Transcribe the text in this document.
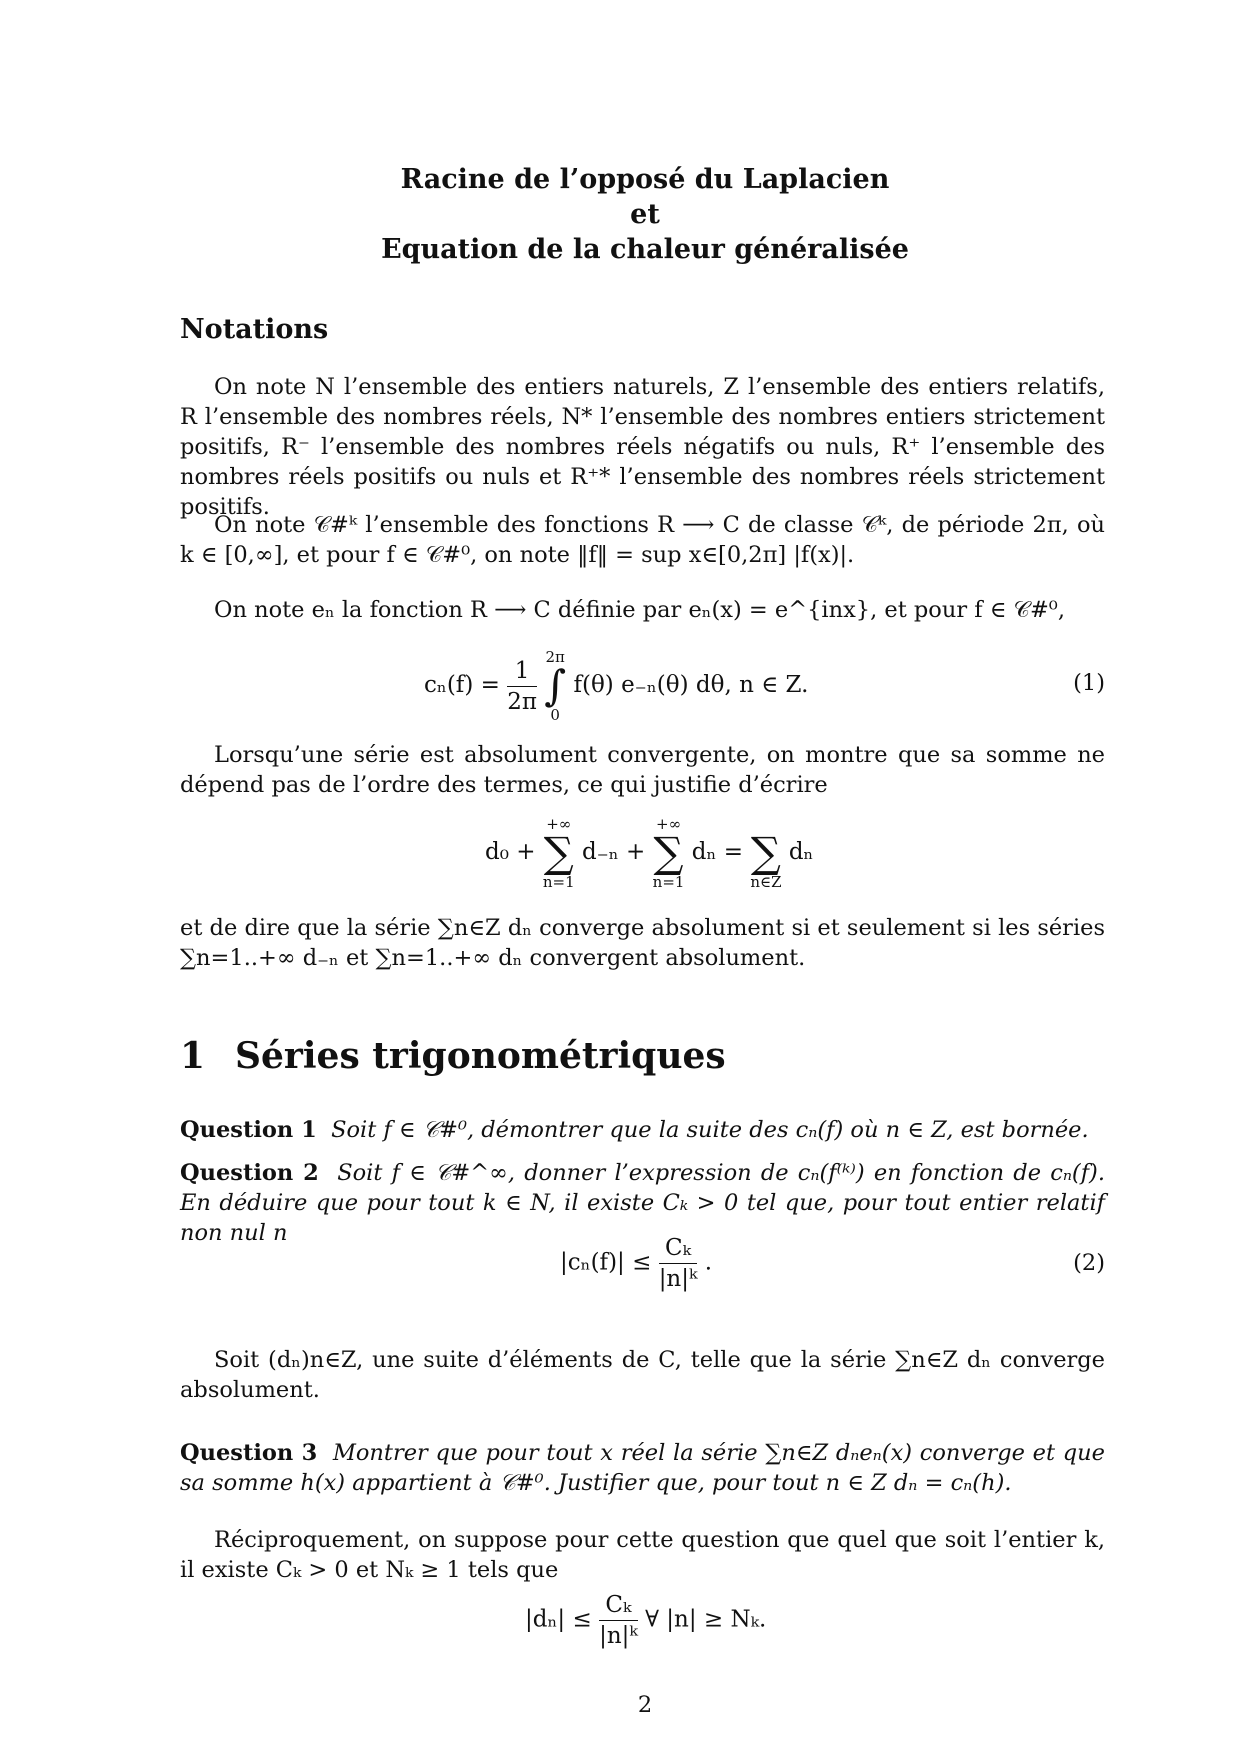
Racine de l’opposé du Laplacien
et
Equation de la chaleur généralisée
Notations
On note N l’ensemble des entiers naturels, Z l’ensemble des entiers relatifs, R l’ensemble des nombres réels, N* l’ensemble des nombres entiers strictement positifs, R⁻ l’ensemble des nombres réels négatifs ou nuls, R⁺ l’ensemble des nombres réels positifs ou nuls et R⁺* l’ensemble des nombres réels strictement positifs.
On note 𝒞#ᵏ l’ensemble des fonctions R ⟶ C de classe 𝒞ᵏ, de période 2π, où k ∈ [0,∞], et pour f ∈ 𝒞#⁰, on note ‖f‖ = sup x∈[0,2π] |f(x)|.
On note eₙ la fonction R ⟶ C définie par eₙ(x) = e^{inx}, et pour f ∈ 𝒞#⁰,
$c_n(f) = \frac{1}{2\pi}$
2π
∫
0
f(θ) e₋ₙ(θ) dθ, n ∈ Z.	(1)
Lorsqu’une série est absolument convergente, on montre que sa somme ne dépend pas de l’ordre des termes, ce qui justifie d’écrire
d₀ +
+∞
∑
n=1
d₋ₙ +
+∞
∑
n=1
dₙ = ∑
n∈Z
dₙ
et de dire que la série ∑n∈Z dₙ converge absolument si et seulement si les séries ∑n=1..+∞ d₋ₙ et ∑n=1..+∞ dₙ convergent absolument.
1 Séries trigonométriques
Question 1 Soit f ∈ 𝒞#⁰, démontrer que la suite des cₙ(f) où n ∈ Z, est bornée.
Question 2 Soit f ∈ 𝒞#^∞, donner l’expression de cₙ(f⁽ᵏ⁾) en fonction de cₙ(f). En déduire que pour tout k ∈ N, il existe Cₖ > 0 tel que, pour tout entier relatif non nul n
$|c_n(f)| \le \frac{\text{Cₖ}}{\text{|n|ᵏ}}$ .	(2)
Soit (dₙ)n∈Z, une suite d’éléments de C, telle que la série ∑n∈Z dₙ converge absolument.
Question 3 Montrer que pour tout x réel la série ∑n∈Z dₙeₙ(x) converge et que sa somme h(x) appartient à 𝒞#⁰. Justifier que, pour tout n ∈ Z dₙ = cₙ(h).
Réciproquement, on suppose pour cette question que quel que soit l’entier k, il existe Cₖ > 0 et Nₖ ≥ 1 tels que
$|d_n| \le \frac{\text{Cₖ}}{\text{|n|ᵏ}}$ ∀ |n| ≥ Nₖ.
2
